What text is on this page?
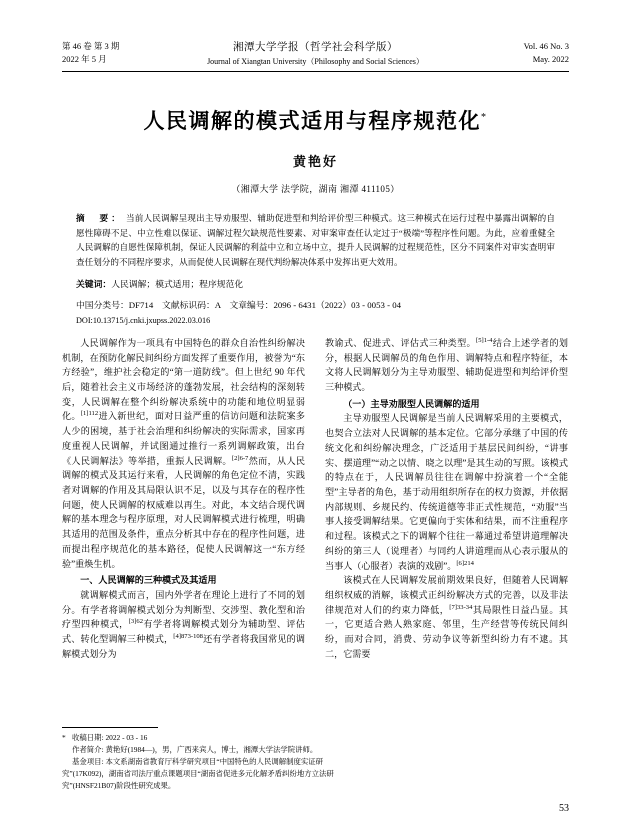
第 46 卷 第 3 期
2022 年 5 月
湘潭大学学报（哲学社会科学版）
Journal of Xiangtan University（Philosophy and Social Sciences）
Vol. 46 No. 3
May. 2022
人民调解的模式适用与程序规范化*
黄艳好
（湘潭大学 法学院，湖南 湘潭 411105）
摘　要： 当前人民调解呈现出主导劝服型、辅助促进型和判给评价型三种模式。这三种模式在运行过程中暴露出调解的自愿性障碍不足、中立性难以保证、调解过程欠缺规范性要素、对审案审查任认定过于“极端”等程序性问题。为此，应着重健全人民调解的自愿性保障机制，保证人民调解的利益中立和立场中立，提升人民调解的过程规范性，区分不同案件对审实查明审查任划分的不同程序要求，从而促使人民调解在现代判纷解决体系中发挥出更大效用。
关键词：人民调解；模式适用；程序规范化
中国分类号：DF714　文献标识码：A　文章编号：2096 - 6431（2022）03 - 0053 - 04
DOI:10.13715/j.cnki.jxupss.2022.03.016

人民调解作为一项具有中国特色的群众自治性纠纷解决机制，在预防化解民间纠纷方面发挥了重要作用，被誉为“东方经验”，维护社会稳定的“第一道防线”。但上世纪 90 年代后，随着社会主义市场经济的蓬勃发展，社会结构的深刻转变，人民调解在整个纠纷解决系统中的功能和地位明显弱化。$^{[1]112}$进入新世纪，面对日益严重的信访问题和法院案多人少的困境，基于社会治理和纠纷解决的实际需求，国家再度重视人民调解，并试图通过推行一系列调解政策，出台《人民调解法》等举措，重振人民调解。$^{[2]6-7}$然而，从人民调解的模式及其运行来看，人民调解的角色定位不清，实践者对调解的作用及其局限认识不足，以及与其存在的程序性问题，使人民调解的权威难以再生。对此，本文结合现代调解的基本理念与程序原理，对人民调解模式进行梳理，明确其适用的范围及条件，重点分析其中存在的程序性问题，进而提出程序规范化的基本路径，促使人民调解这一“东方经验”重焕生机。

一、人民调解的三种模式及其适用

就调解模式而言，国内外学者在理论上进行了不同的划分。有学者将调解模式划分为判断型、交涉型、教化型和治疗型四种模式，$^{[3]62}$有学者将调解模式划分为辅助型、评估式、转化型调解三种模式，$^{[4]873-108}$还有学者将我国常见的调解模式划分为

教谕式、促进式、评估式三种类型。$^{[5]1-4}$结合上述学者的划分，根据人民调解员的角色作用、调解特点和程序特征，本文将人民调解划分为主导劝服型、辅助促进型和判给评价型三种模式。

（一）主导劝服型人民调解的适用

主导劝服型人民调解是当前人民调解采用的主要模式，也契合立法对人民调解的基本定位。它部分承继了中国的传统文化和纠纷解决理念，广泛适用于基层民间纠纷，“讲事实、摆道理”“动之以情、晓之以理”是其生动的写照。该模式的特点在于，人民调解员往往在调解中扮演着一个“全能型”主导者的角色，基于动用组织所存在的权力资源，并依据内部规则、乡规民约、传统道德等非正式性规范，“劝服”当事人接受调解结果。它更偏向于实体和结果，而不注重程序和过程。该模式之下的调解个往往一幕通过希望讲道理解决纠纷的第三人（说理者）与同约人讲道理而从心表示服从的当事人（心服者）表演的戏剧”。$^{[6]214}$

该模式在人民调解发展前期效果良好，但随着人民调解组织权威的消解，该模式正纠纷解决方式的完善，以及非法律规范对人们的约束力降低，$^{[7]33-34}$其局限性日益凸显。其一，它更适合熟人熟家庭、邻里，生产经营等传统民间纠纷，而对合同，消费、劳动争议等新型纠纷力有不逮。其二，它需要

* 收稿日期: 2022 - 03 - 16
作者简介: 黄艳好(1984—)，男，广西来宾人，博士，湘潭大学法学院讲师。
基金项目: 本文系湖南省教育厅科学研究项目“中国特色的人民调解制度实证研究”(17K092)，湖南省司法厅重点课题项目“湖南省促进多元化解矛盾纠纷地方立法研究”(HNSF21B07)阶段性研究成果。
53
